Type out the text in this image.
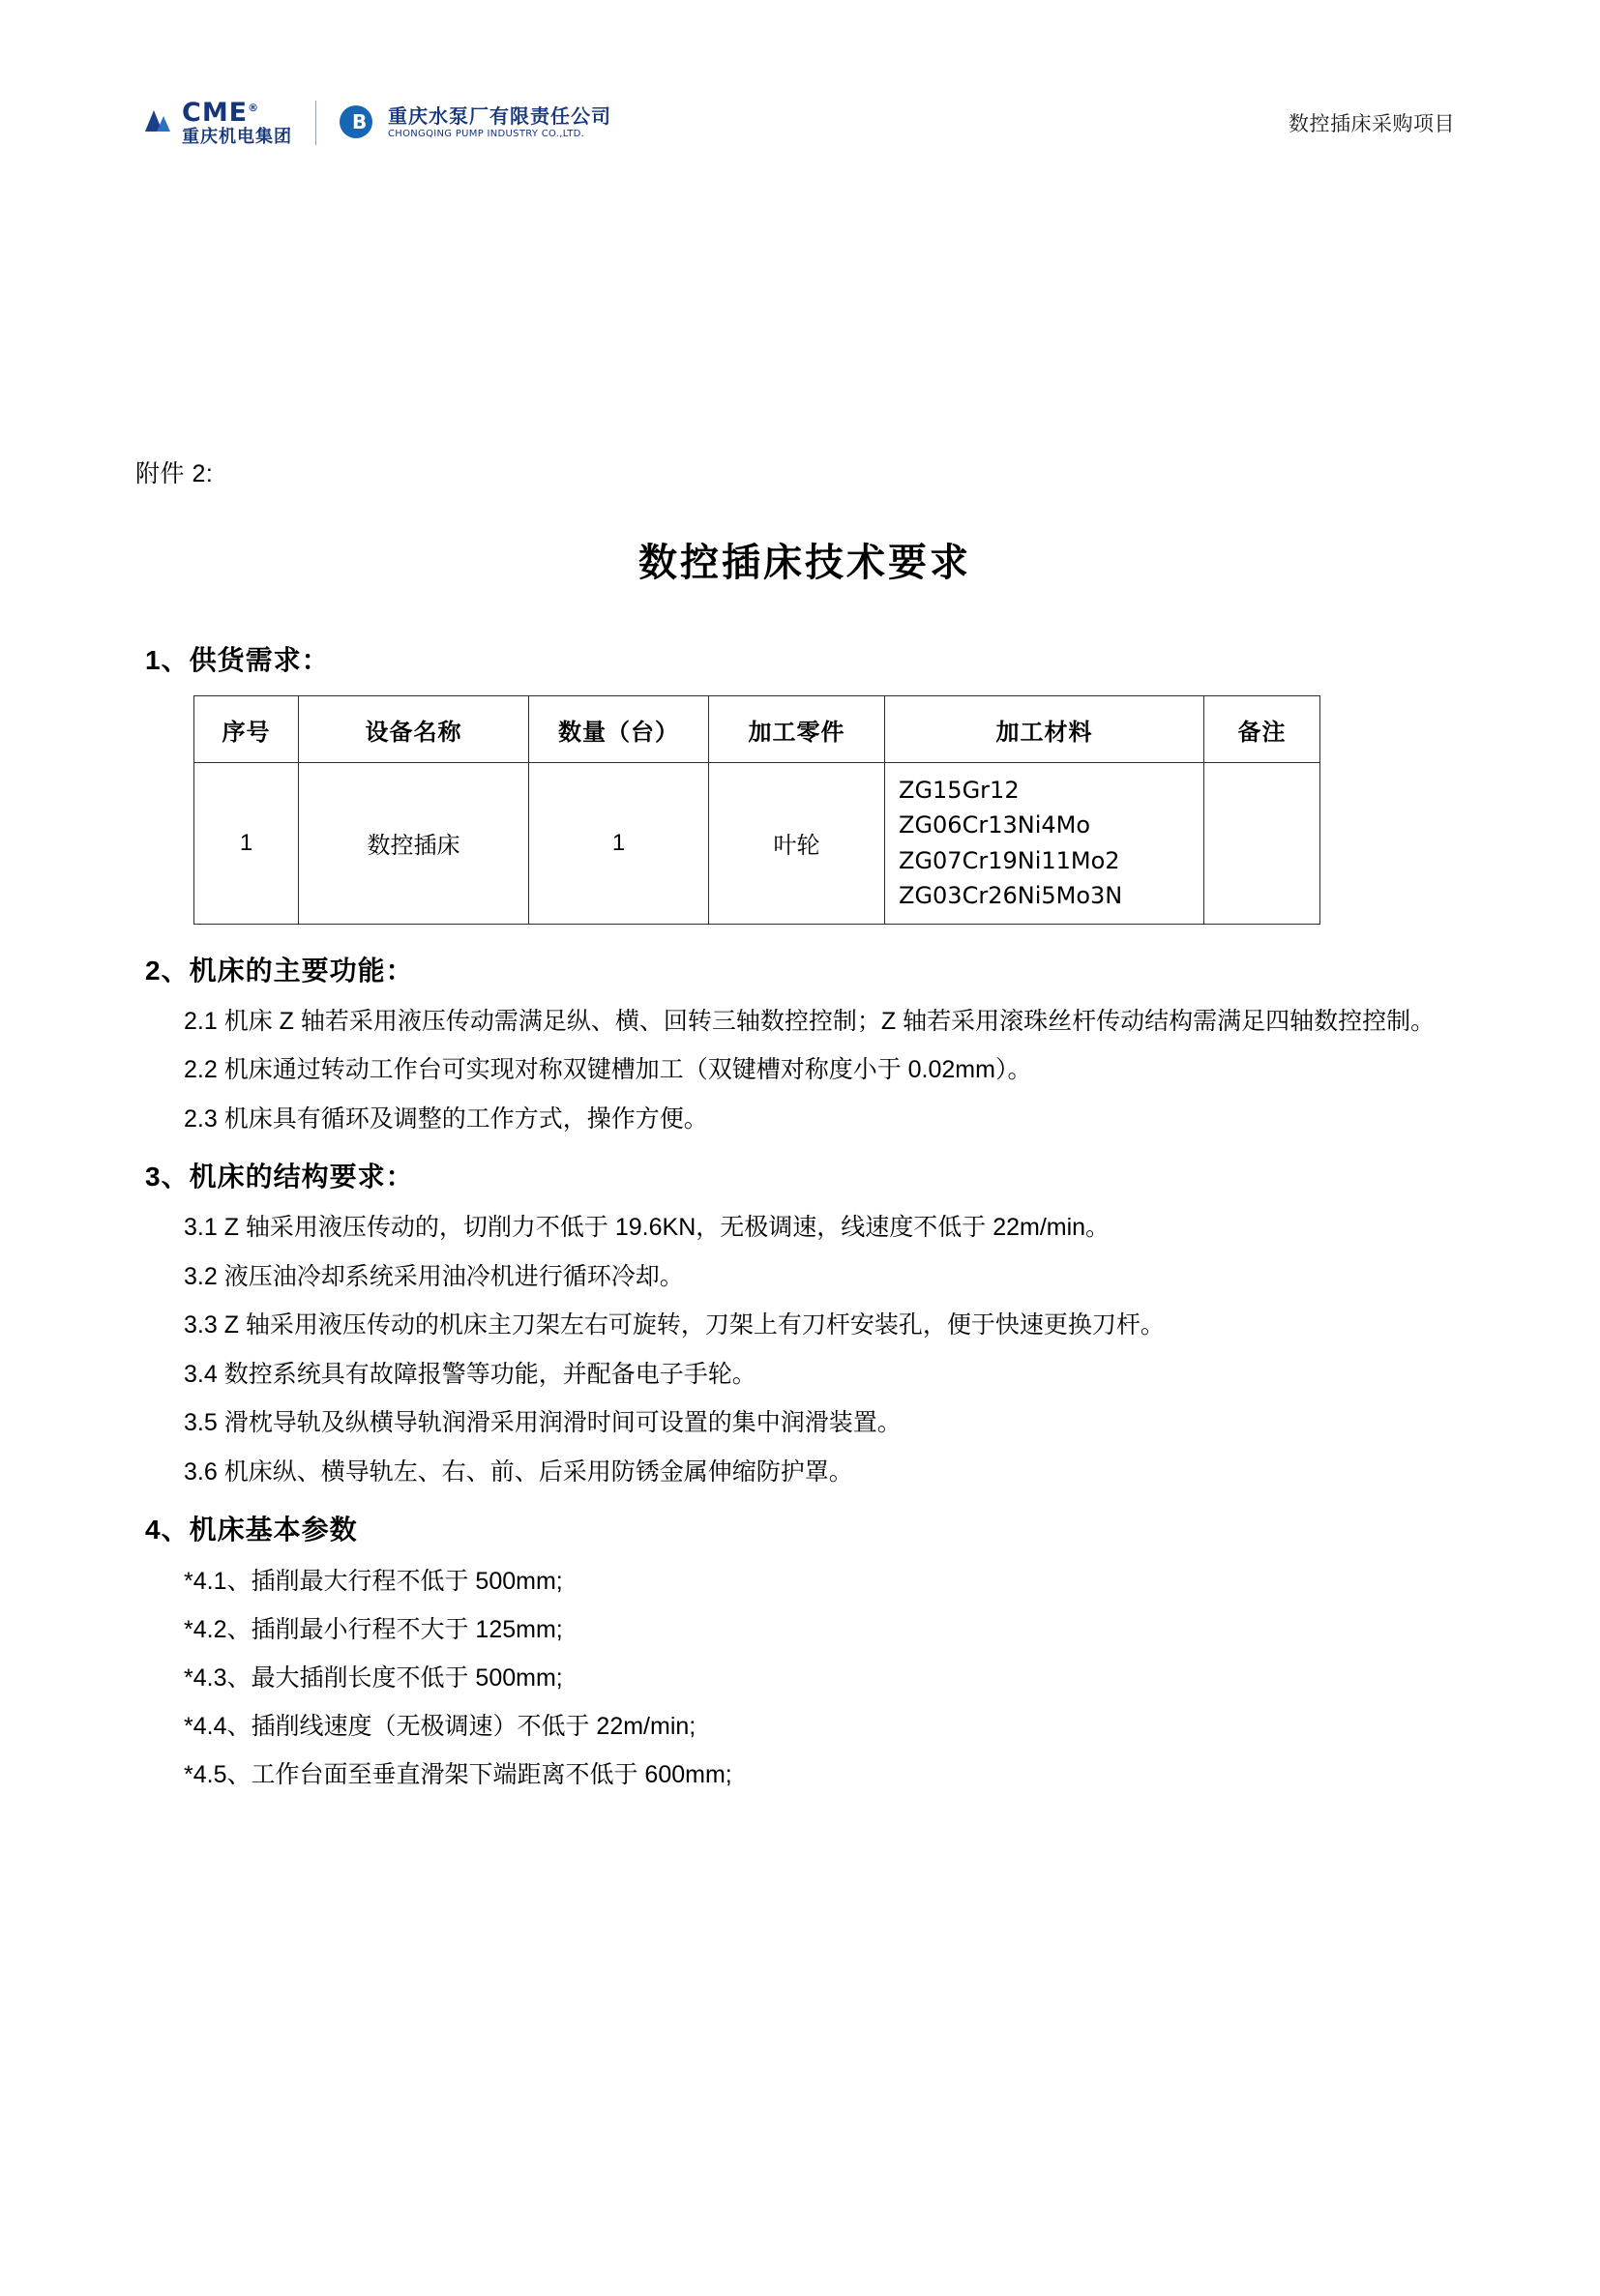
CME®
重庆机电集团
B 重庆水泵厂有限责任公司
CHONGQING PUMP INDUSTRY CO.,LTD.	数控插床采购项目
附件 2:
数控插床技术要求
1、供货需求：
序号	设备名称	数量（台）	加工零件	加工材料	备注
1	数控插床	1	叶轮	ZG15Gr12
ZG06Cr13Ni4Mo
ZG07Cr19Ni11Mo2
ZG03Cr26Ni5Mo3N	

2、机床的主要功能：

2.1 机床 Z 轴若采用液压传动需满足纵、横、回转三轴数控控制；Z 轴若采用滚珠丝杆传动结构需满足四轴数控控制。

2.2 机床通过转动工作台可实现对称双键槽加工（双键槽对称度小于 0.02mm）。

2.3 机床具有循环及调整的工作方式，操作方便。

3、机床的结构要求：

3.1 Z 轴采用液压传动的，切削力不低于 19.6KN，无极调速，线速度不低于 22m/min。

3.2 液压油冷却系统采用油冷机进行循环冷却。

3.3 Z 轴采用液压传动的机床主刀架左右可旋转，刀架上有刀杆安装孔，便于快速更换刀杆。

3.4 数控系统具有故障报警等功能，并配备电子手轮。

3.5 滑枕导轨及纵横导轨润滑采用润滑时间可设置的集中润滑装置。

3.6 机床纵、横导轨左、右、前、后采用防锈金属伸缩防护罩。

4、机床基本参数

*4.1、插削最大行程不低于 500mm;

*4.2、插削最小行程不大于 125mm;

*4.3、最大插削长度不低于 500mm;

*4.4、插削线速度（无极调速）不低于 22m/min;

*4.5、工作台面至垂直滑架下端距离不低于 600mm;
